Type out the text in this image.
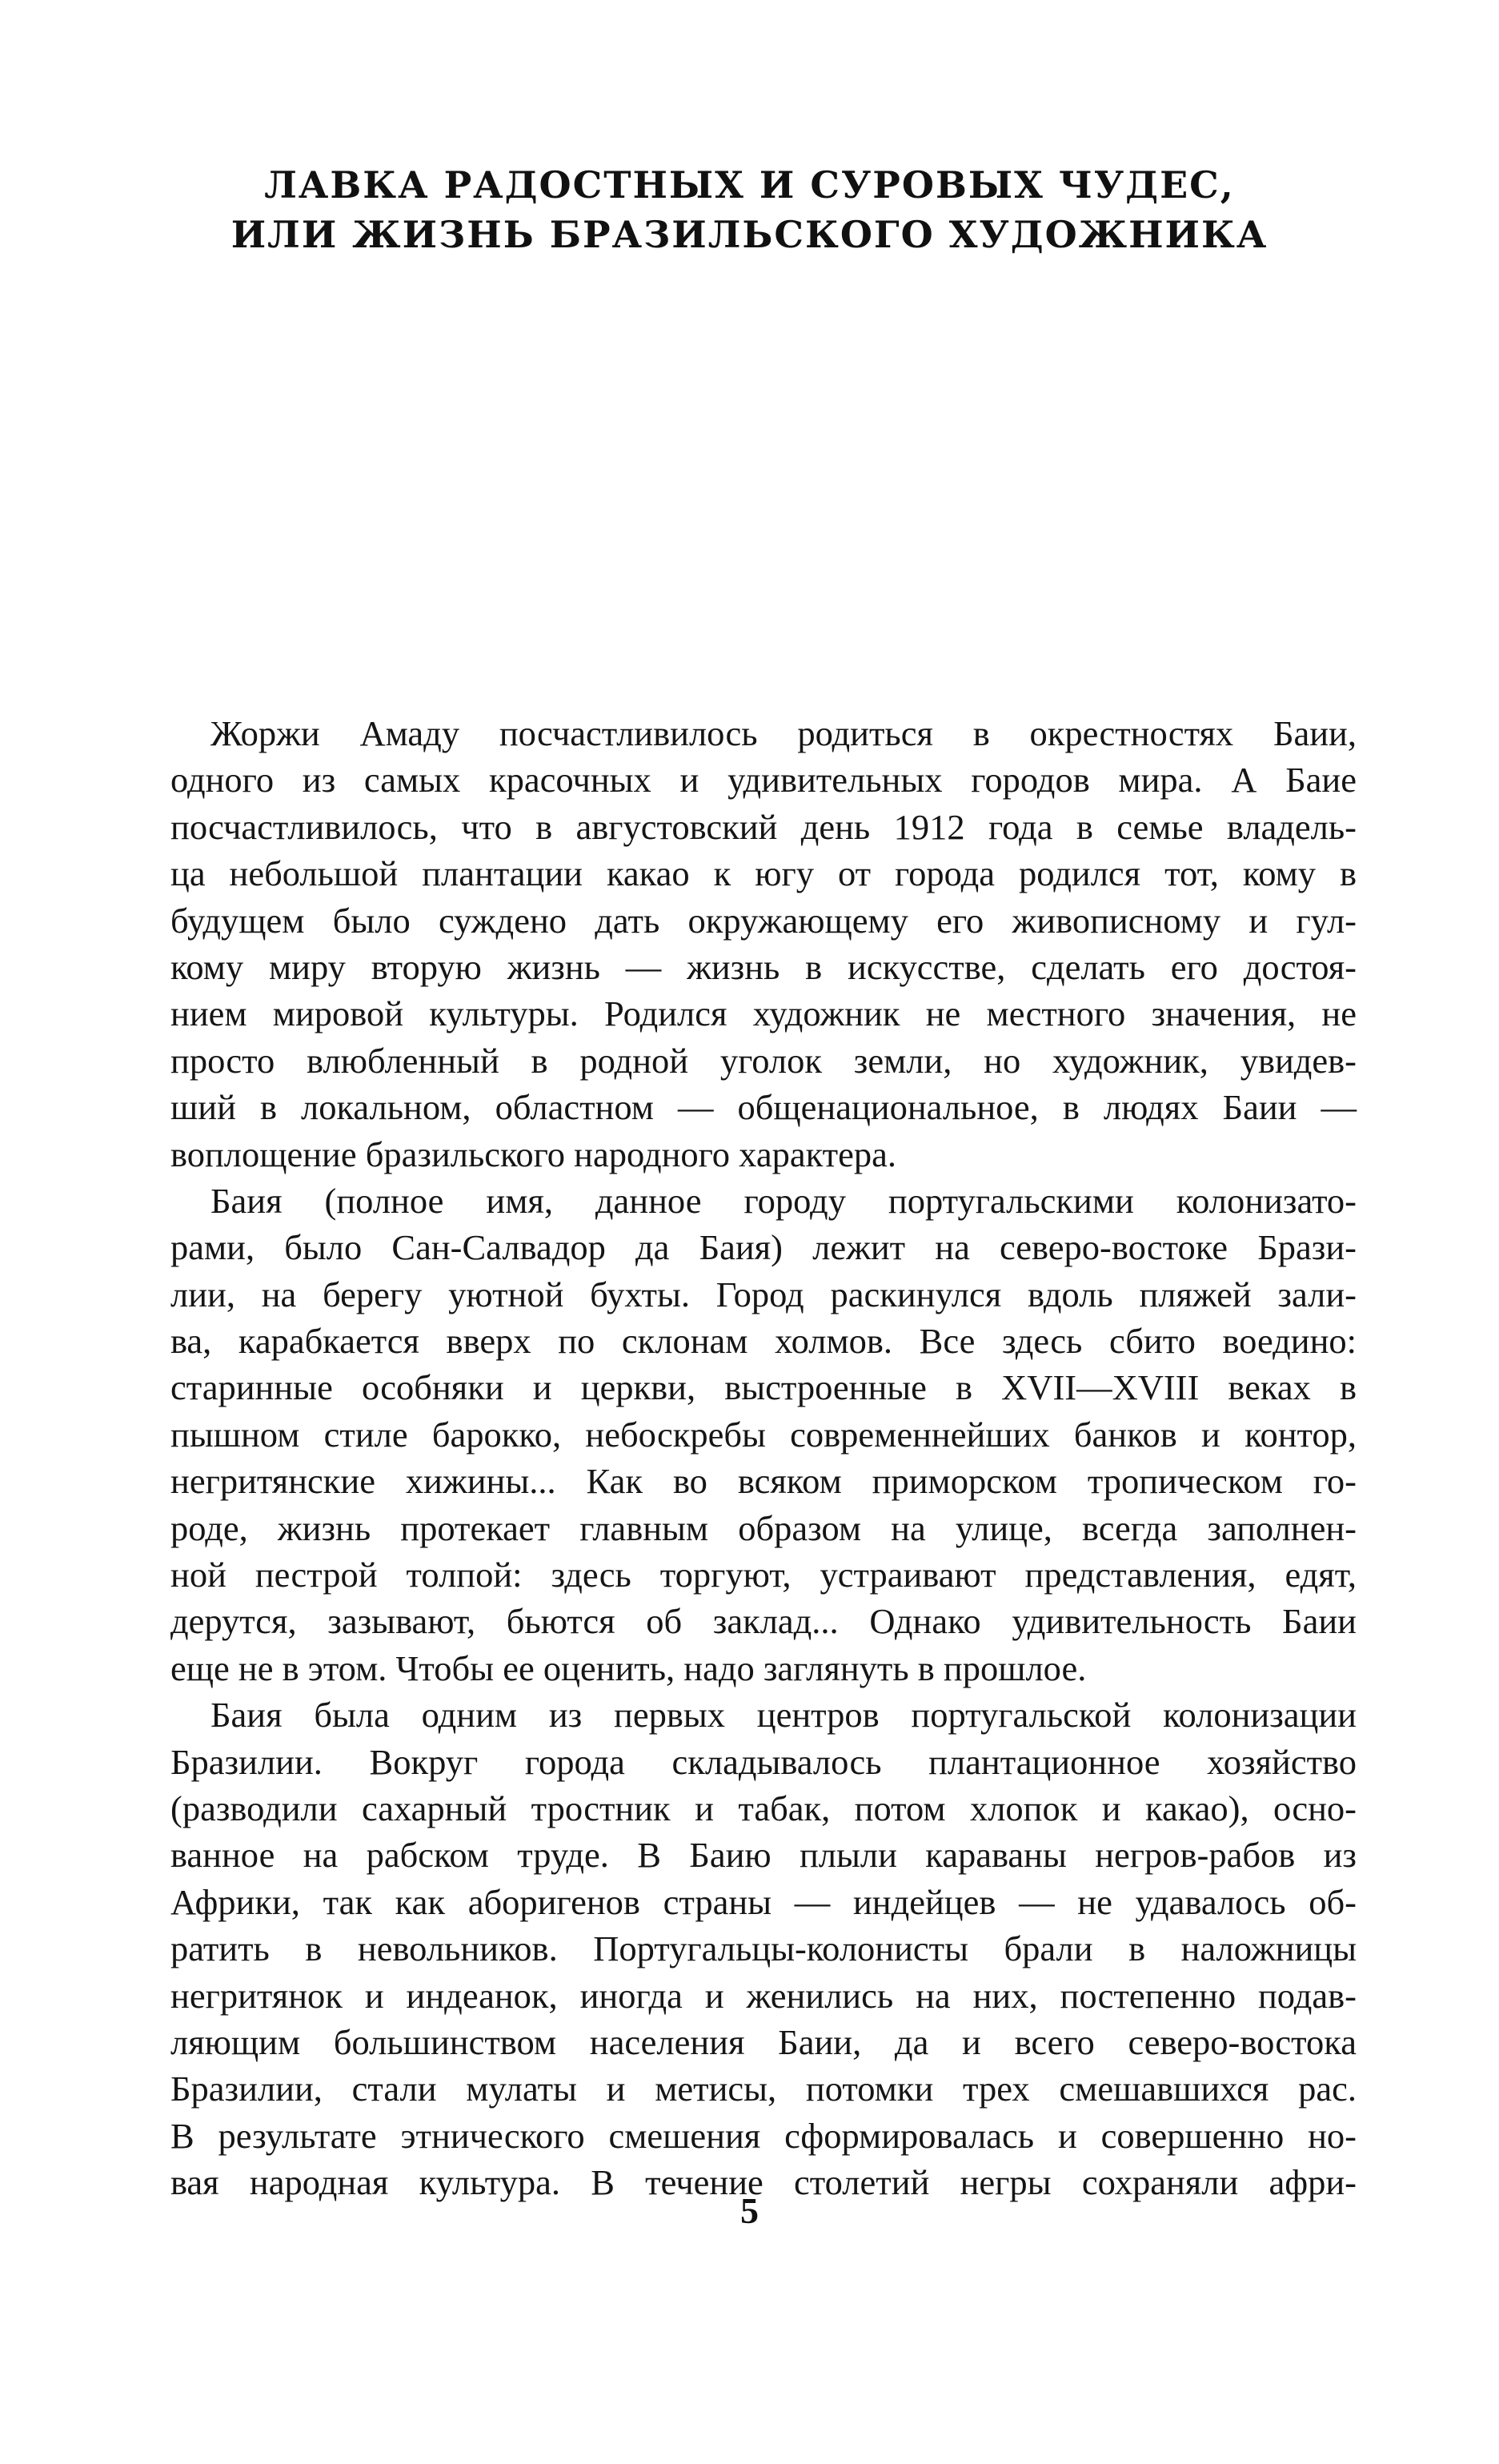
ЛАВКА РАДОСТНЫХ И СУРОВЫХ ЧУДЕС,
ИЛИ ЖИЗНЬ БРАЗИЛЬСКОГО ХУДОЖНИКА
Жоржи Амаду посчастливилось родиться в окрестностях Баии,
одного из самых красочных и удивительных городов мира. А Баие
посчастливилось, что в августовский день 1912 года в семье владель-
ца небольшой плантации какао к югу от города родился тот, кому в
будущем было суждено дать окружающему его живописному и гул-
кому миру вторую жизнь — жизнь в искусстве, сделать его достоя-
нием мировой культуры. Родился художник не местного значения, не
просто влюбленный в родной уголок земли, но художник, увидев-
ший в локальном, областном — общенациональное, в людях Баии —
воплощение бразильского народного характера.
Баия (полное имя, данное городу португальскими колонизато-
рами, было Сан-Салвадор да Баия) лежит на северо-востоке Брази-
лии, на берегу уютной бухты. Город раскинулся вдоль пляжей зали-
ва, карабкается вверх по склонам холмов. Все здесь сбито воедино:
старинные особняки и церкви, выстроенные в XVII—XVIII веках в
пышном стиле барокко, небоскребы современнейших банков и контор,
негритянские хижины... Как во всяком приморском тропическом го-
роде, жизнь протекает главным образом на улице, всегда заполнен-
ной пестрой толпой: здесь торгуют, устраивают представления, едят,
дерутся, зазывают, бьются об заклад... Однако удивительность Баии
еще не в этом. Чтобы ее оценить, надо заглянуть в прошлое.
Баия была одним из первых центров португальской колонизации
Бразилии. Вокруг города складывалось плантационное хозяйство
(разводили сахарный тростник и табак, потом хлопок и какао), осно-
ванное на рабском труде. В Баию плыли караваны негров-рабов из
Африки, так как аборигенов страны — индейцев — не удавалось об-
ратить в невольников. Португальцы-колонисты брали в наложницы
негритянок и индеанок, иногда и женились на них, постепенно подав-
ляющим большинством населения Баии, да и всего северо-востока
Бразилии, стали мулаты и метисы, потомки трех смешавшихся рас.
В результате этнического смешения сформировалась и совершенно но-
вая народная культура. В течение столетий негры сохраняли афри-
5
